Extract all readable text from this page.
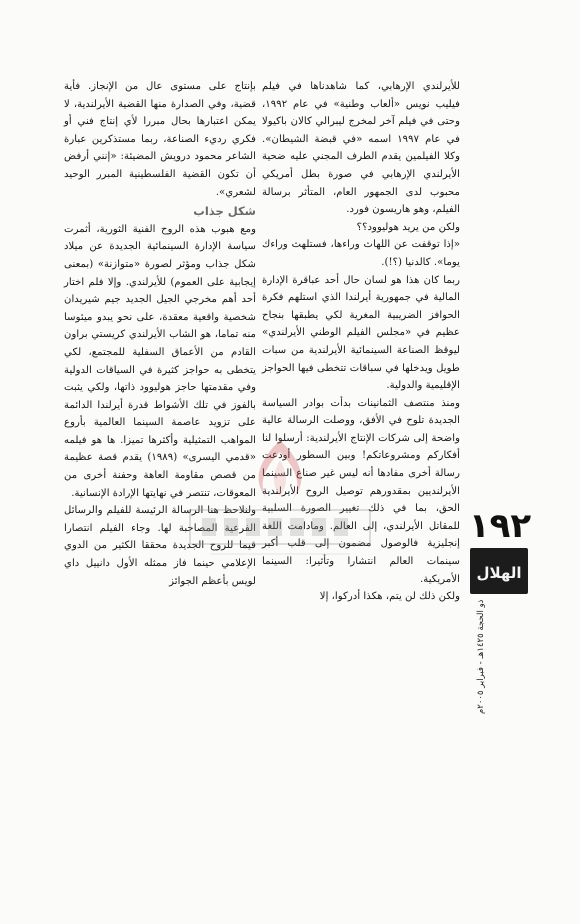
للأيرلندي الإرهابي، كما شاهدناها في فيلم فيليب نويس «ألعاب وطنية» في عام ١٩٩٢، وحتى في فيلم آخر لمخرج ليبرالي كالان باكيولا في عام ١٩٩٧ اسمه «في قبضة الشيطان». وكلا الفيلمين يقدم الطرف المجني عليه ضحية الأيرلندي الإرهابي في صورة بطل أمريكي محبوب لدى الجمهور العام، المتأثر برسالة الفيلم، وهو هاريسون فورد.

ولكن من يريد هوليوود؟؟

«إذا توقفت عن اللهاث وراءها، فستلهث وراءك يوما». كالدنيا (؟!).

ربما كان هذا هو لسان حال أحد عباقرة الإدارة المالية في جمهورية أيرلندا الذي استلهم فكرة الحوافز الضريبية المغرية لكي يطبقها بنجاح عظيم في «مجلس الفيلم الوطني الأيرلندي» ليوقظ الصناعة السينمائية الأيرلندية من سبات طويل ويدخلها في سباقات تتخطى فيها الحواجز الإقليمية والدولية.

ومنذ منتصف الثمانينات بدأت بوادر السياسة الجديدة تلوح في الأفق، ووصلت الرسالة عالية واضحة إلى شركات الإنتاج الأيرلندية: أرسلوا لنا أفكاركم ومشروعاتكم! وبين السطور أودعت رسالة أخرى مفادها أنه ليس غير صناع السينما الأيرلنديين بمقدورهم توصيل الروح الأيرلندية الحق، بما في ذلك تغيير الصورة السلبية للمقاتل الأيرلندي، إلى العالم. ومادامت اللغة إنجليزية فالوصول مضمون إلى قلب أكبر سينمات العالم انتشارا وتأثيرا: السينما الأمريكية.

ولكن ذلك لن يتم، هكذا أدركوا، إلا

بإنتاج على مستوى عال من الإنجاز. فأية قضية، وفي الصدارة منها القضية الأيرلندية، لا يمكن اعتبارها بحال مبررا لأي إنتاج فني أو فكري رديء الصناعة، ربما مستذكرين عبارة الشاعر محمود درويش المضيئة: «إنني أرفض أن تكون القضية الفلسطينية المبرر الوحيد لشعري».

شكل جذاب

ومع هبوب هذه الروح الفنية الثورية، أثمرت سياسة الإدارة السينمائية الجديدة عن ميلاد شكل جذاب ومؤثر لصورة «متوازنة» (بمعنى إيجابية على العموم) للأيرلندي. وإلا فلم اختار أحد أهم مخرجي الجيل الجديد جيم شيريدان شخصية واقعية معقدة، على نحو يبدو ميئوسا منه تماما، هو الشاب الأيرلندي كريستي براون القادم من الأعماق السفلية للمجتمع، لكي يتخطى به حواجز كثيرة في السياقات الدولية وفي مقدمتها حاجز هوليوود ذاتها، ولكي يثبت بالفوز في تلك الأشواط قدرة أيرلندا الدائمة على تزويد عاصمة السينما العالمية بأروع المواهب التمثيلية وأكثرها تميزا. ها هو فيلمه «قدمي اليسرى» (١٩٨٩) يقدم قصة عظيمة من قصص مقاومة العاهة وحفنة أخرى من المعوقات، تنتصر في نهايتها الإرادة الإنسانية.

ولنلاحظ هنا الرسالة الرئيسة للفيلم والرسائل الفرعية المصاحبة لها. وجاء الفيلم انتصارا قيما للروح الجديدة محققا الكثير من الدوي الإعلامي حينما فاز ممثله الأول دانييل داي لويس بأعظم الجوائز

١٩٢
الهلال
ذو الحجة ١٤٢٥هـ - فبراير ٢٠٠٥م
